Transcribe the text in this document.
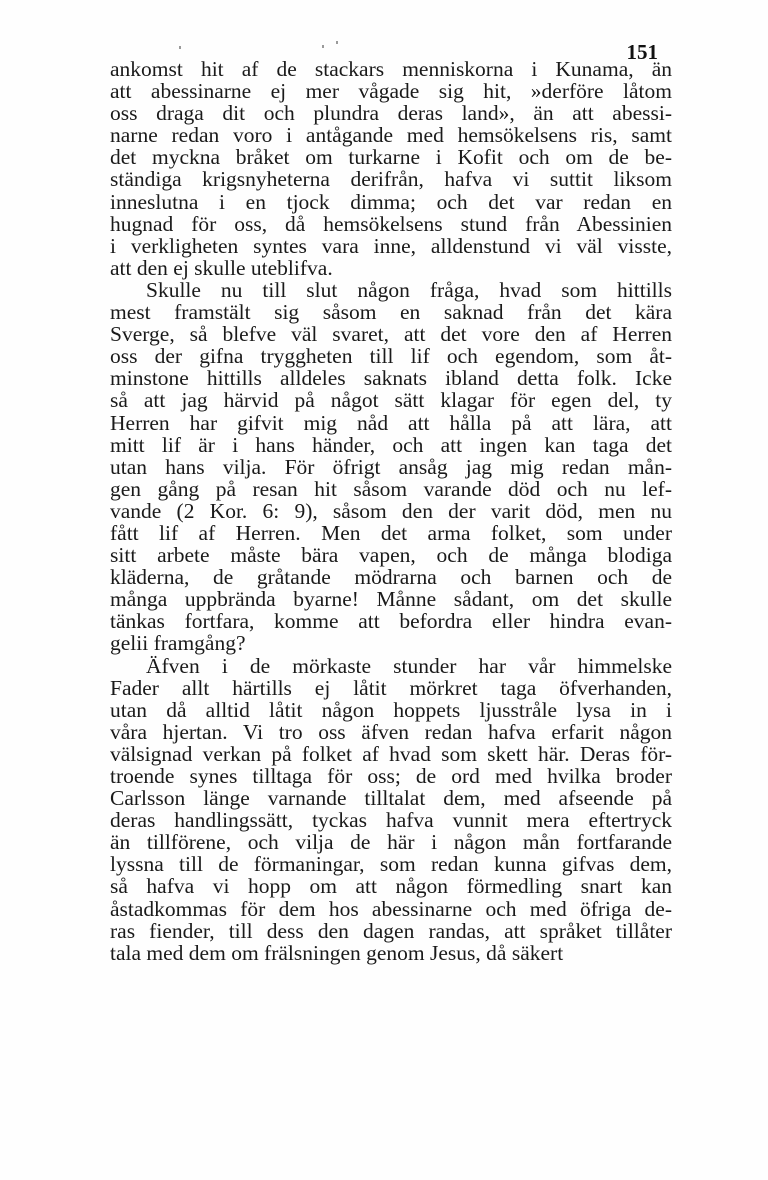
151
ankomst hit af de stackars menniskorna i Kunama, än
att abessinarne ej mer vågade sig hit, »derföre låtom
oss draga dit och plundra deras land», än att abessi-
narne redan voro i antågande med hemsökelsens ris, samt
det myckna bråket om turkarne i Kofit och om de be-
ständiga krigsnyheterna derifrån, hafva vi suttit liksom
inneslutna i en tjock dimma; och det var redan en
hugnad för oss, då hemsökelsens stund från Abessinien
i verkligheten syntes vara inne, alldenstund vi väl visste,
att den ej skulle uteblifva.
Skulle nu till slut någon fråga, hvad som hittills
mest framstält sig såsom en saknad från det kära
Sverge, så blefve väl svaret, att det vore den af Herren
oss der gifna tryggheten till lif och egendom, som åt-
minstone hittills alldeles saknats ibland detta folk. Icke
så att jag härvid på något sätt klagar för egen del, ty
Herren har gifvit mig nåd att hålla på att lära, att
mitt lif är i hans händer, och att ingen kan taga det
utan hans vilja. För öfrigt ansåg jag mig redan mån-
gen gång på resan hit såsom varande död och nu lef-
vande (2 Kor. 6: 9), såsom den der varit död, men nu
fått lif af Herren. Men det arma folket, som under
sitt arbete måste bära vapen, och de många blodiga
kläderna, de gråtande mödrarna och barnen och de
många uppbrända byarne! Månne sådant, om det skulle
tänkas fortfara, komme att befordra eller hindra evan-
gelii framgång?
Äfven i de mörkaste stunder har vår himmelske
Fader allt härtills ej låtit mörkret taga öfverhanden,
utan då alltid låtit någon hoppets ljusstråle lysa in i
våra hjertan. Vi tro oss äfven redan hafva erfarit någon
välsignad verkan på folket af hvad som skett här. Deras för-
troende synes tilltaga för oss; de ord med hvilka broder
Carlsson länge varnande tilltalat dem, med afseende på
deras handlingssätt, tyckas hafva vunnit mera eftertryck
än tillförene, och vilja de här i någon mån fortfarande
lyssna till de förmaningar, som redan kunna gifvas dem,
så hafva vi hopp om att någon förmedling snart kan
åstadkommas för dem hos abessinarne och med öfriga de-
ras fiender, till dess den dagen randas, att språket tillåter
tala med dem om frälsningen genom Jesus, då säkert
